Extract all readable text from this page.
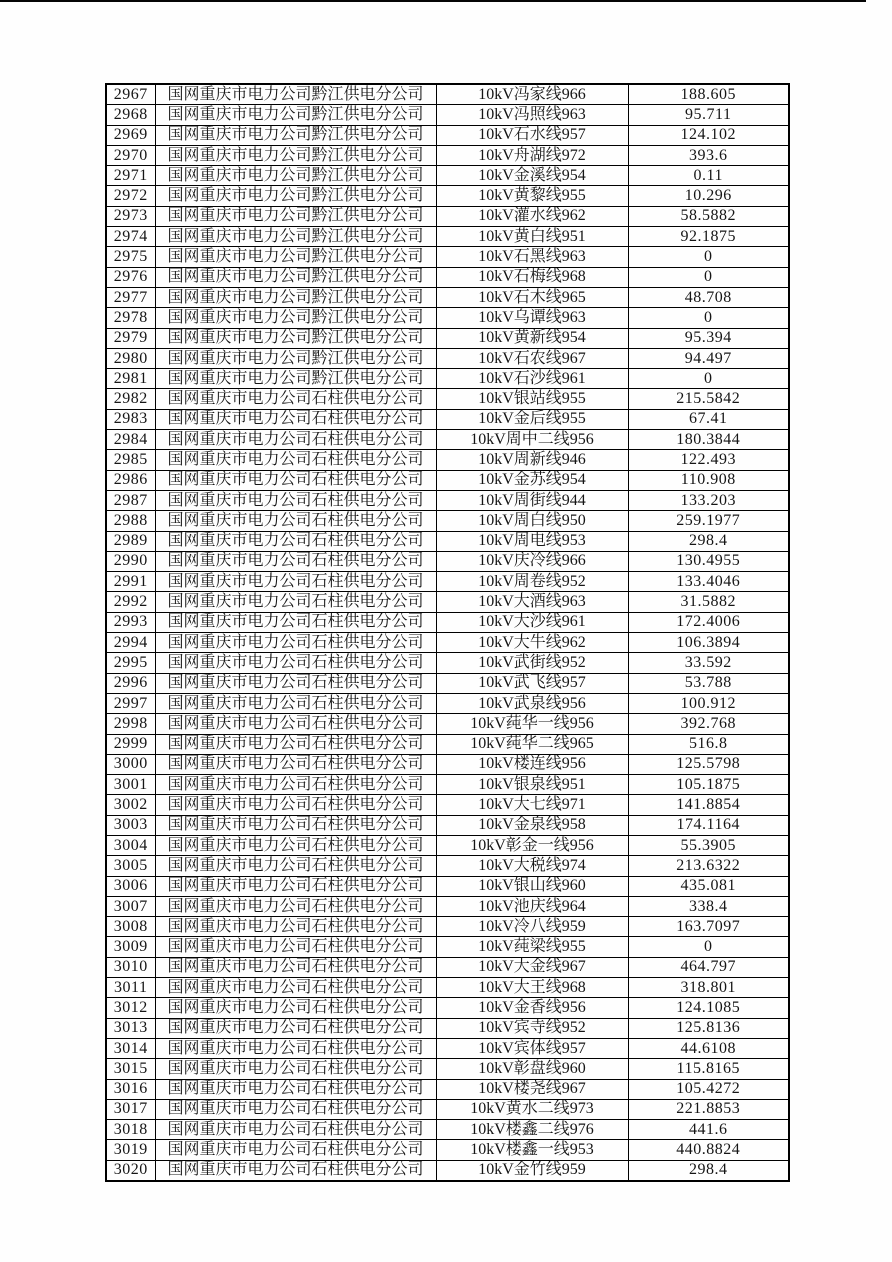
2967	国网重庆市电力公司黔江供电分公司	10kV冯家线966	188.605
2968	国网重庆市电力公司黔江供电分公司	10kV冯照线963	95.711
2969	国网重庆市电力公司黔江供电分公司	10kV石水线957	124.102
2970	国网重庆市电力公司黔江供电分公司	10kV舟湖线972	393.6
2971	国网重庆市电力公司黔江供电分公司	10kV金溪线954	0.11
2972	国网重庆市电力公司黔江供电分公司	10kV黄黎线955	10.296
2973	国网重庆市电力公司黔江供电分公司	10kV灌水线962	58.5882
2974	国网重庆市电力公司黔江供电分公司	10kV黄白线951	92.1875
2975	国网重庆市电力公司黔江供电分公司	10kV石黑线963	0
2976	国网重庆市电力公司黔江供电分公司	10kV石梅线968	0
2977	国网重庆市电力公司黔江供电分公司	10kV石木线965	48.708
2978	国网重庆市电力公司黔江供电分公司	10kV乌谭线963	0
2979	国网重庆市电力公司黔江供电分公司	10kV黄新线954	95.394
2980	国网重庆市电力公司黔江供电分公司	10kV石农线967	94.497
2981	国网重庆市电力公司黔江供电分公司	10kV石沙线961	0
2982	国网重庆市电力公司石柱供电分公司	10kV银站线955	215.5842
2983	国网重庆市电力公司石柱供电分公司	10kV金后线955	67.41
2984	国网重庆市电力公司石柱供电分公司	10kV周中二线956	180.3844
2985	国网重庆市电力公司石柱供电分公司	10kV周新线946	122.493
2986	国网重庆市电力公司石柱供电分公司	10kV金苏线954	110.908
2987	国网重庆市电力公司石柱供电分公司	10kV周街线944	133.203
2988	国网重庆市电力公司石柱供电分公司	10kV周白线950	259.1977
2989	国网重庆市电力公司石柱供电分公司	10kV周电线953	298.4
2990	国网重庆市电力公司石柱供电分公司	10kV庆冷线966	130.4955
2991	国网重庆市电力公司石柱供电分公司	10kV周卷线952	133.4046
2992	国网重庆市电力公司石柱供电分公司	10kV大酒线963	31.5882
2993	国网重庆市电力公司石柱供电分公司	10kV大沙线961	172.4006
2994	国网重庆市电力公司石柱供电分公司	10kV大牛线962	106.3894
2995	国网重庆市电力公司石柱供电分公司	10kV武街线952	33.592
2996	国网重庆市电力公司石柱供电分公司	10kV武飞线957	53.788
2997	国网重庆市电力公司石柱供电分公司	10kV武泉线956	100.912
2998	国网重庆市电力公司石柱供电分公司	10kV莼华一线956	392.768
2999	国网重庆市电力公司石柱供电分公司	10kV莼华二线965	516.8
3000	国网重庆市电力公司石柱供电分公司	10kV楼连线956	125.5798
3001	国网重庆市电力公司石柱供电分公司	10kV银泉线951	105.1875
3002	国网重庆市电力公司石柱供电分公司	10kV大七线971	141.8854
3003	国网重庆市电力公司石柱供电分公司	10kV金泉线958	174.1164
3004	国网重庆市电力公司石柱供电分公司	10kV彰金一线956	55.3905
3005	国网重庆市电力公司石柱供电分公司	10kV大税线974	213.6322
3006	国网重庆市电力公司石柱供电分公司	10kV银山线960	435.081
3007	国网重庆市电力公司石柱供电分公司	10kV池庆线964	338.4
3008	国网重庆市电力公司石柱供电分公司	10kV冷八线959	163.7097
3009	国网重庆市电力公司石柱供电分公司	10kV莼梁线955	0
3010	国网重庆市电力公司石柱供电分公司	10kV大金线967	464.797
3011	国网重庆市电力公司石柱供电分公司	10kV大王线968	318.801
3012	国网重庆市电力公司石柱供电分公司	10kV金香线956	124.1085
3013	国网重庆市电力公司石柱供电分公司	10kV宾寺线952	125.8136
3014	国网重庆市电力公司石柱供电分公司	10kV宾体线957	44.6108
3015	国网重庆市电力公司石柱供电分公司	10kV彰盘线960	115.8165
3016	国网重庆市电力公司石柱供电分公司	10kV楼尧线967	105.4272
3017	国网重庆市电力公司石柱供电分公司	10kV黄水二线973	221.8853
3018	国网重庆市电力公司石柱供电分公司	10kV楼鑫二线976	441.6
3019	国网重庆市电力公司石柱供电分公司	10kV楼鑫一线953	440.8824
3020	国网重庆市电力公司石柱供电分公司	10kV金竹线959	298.4
